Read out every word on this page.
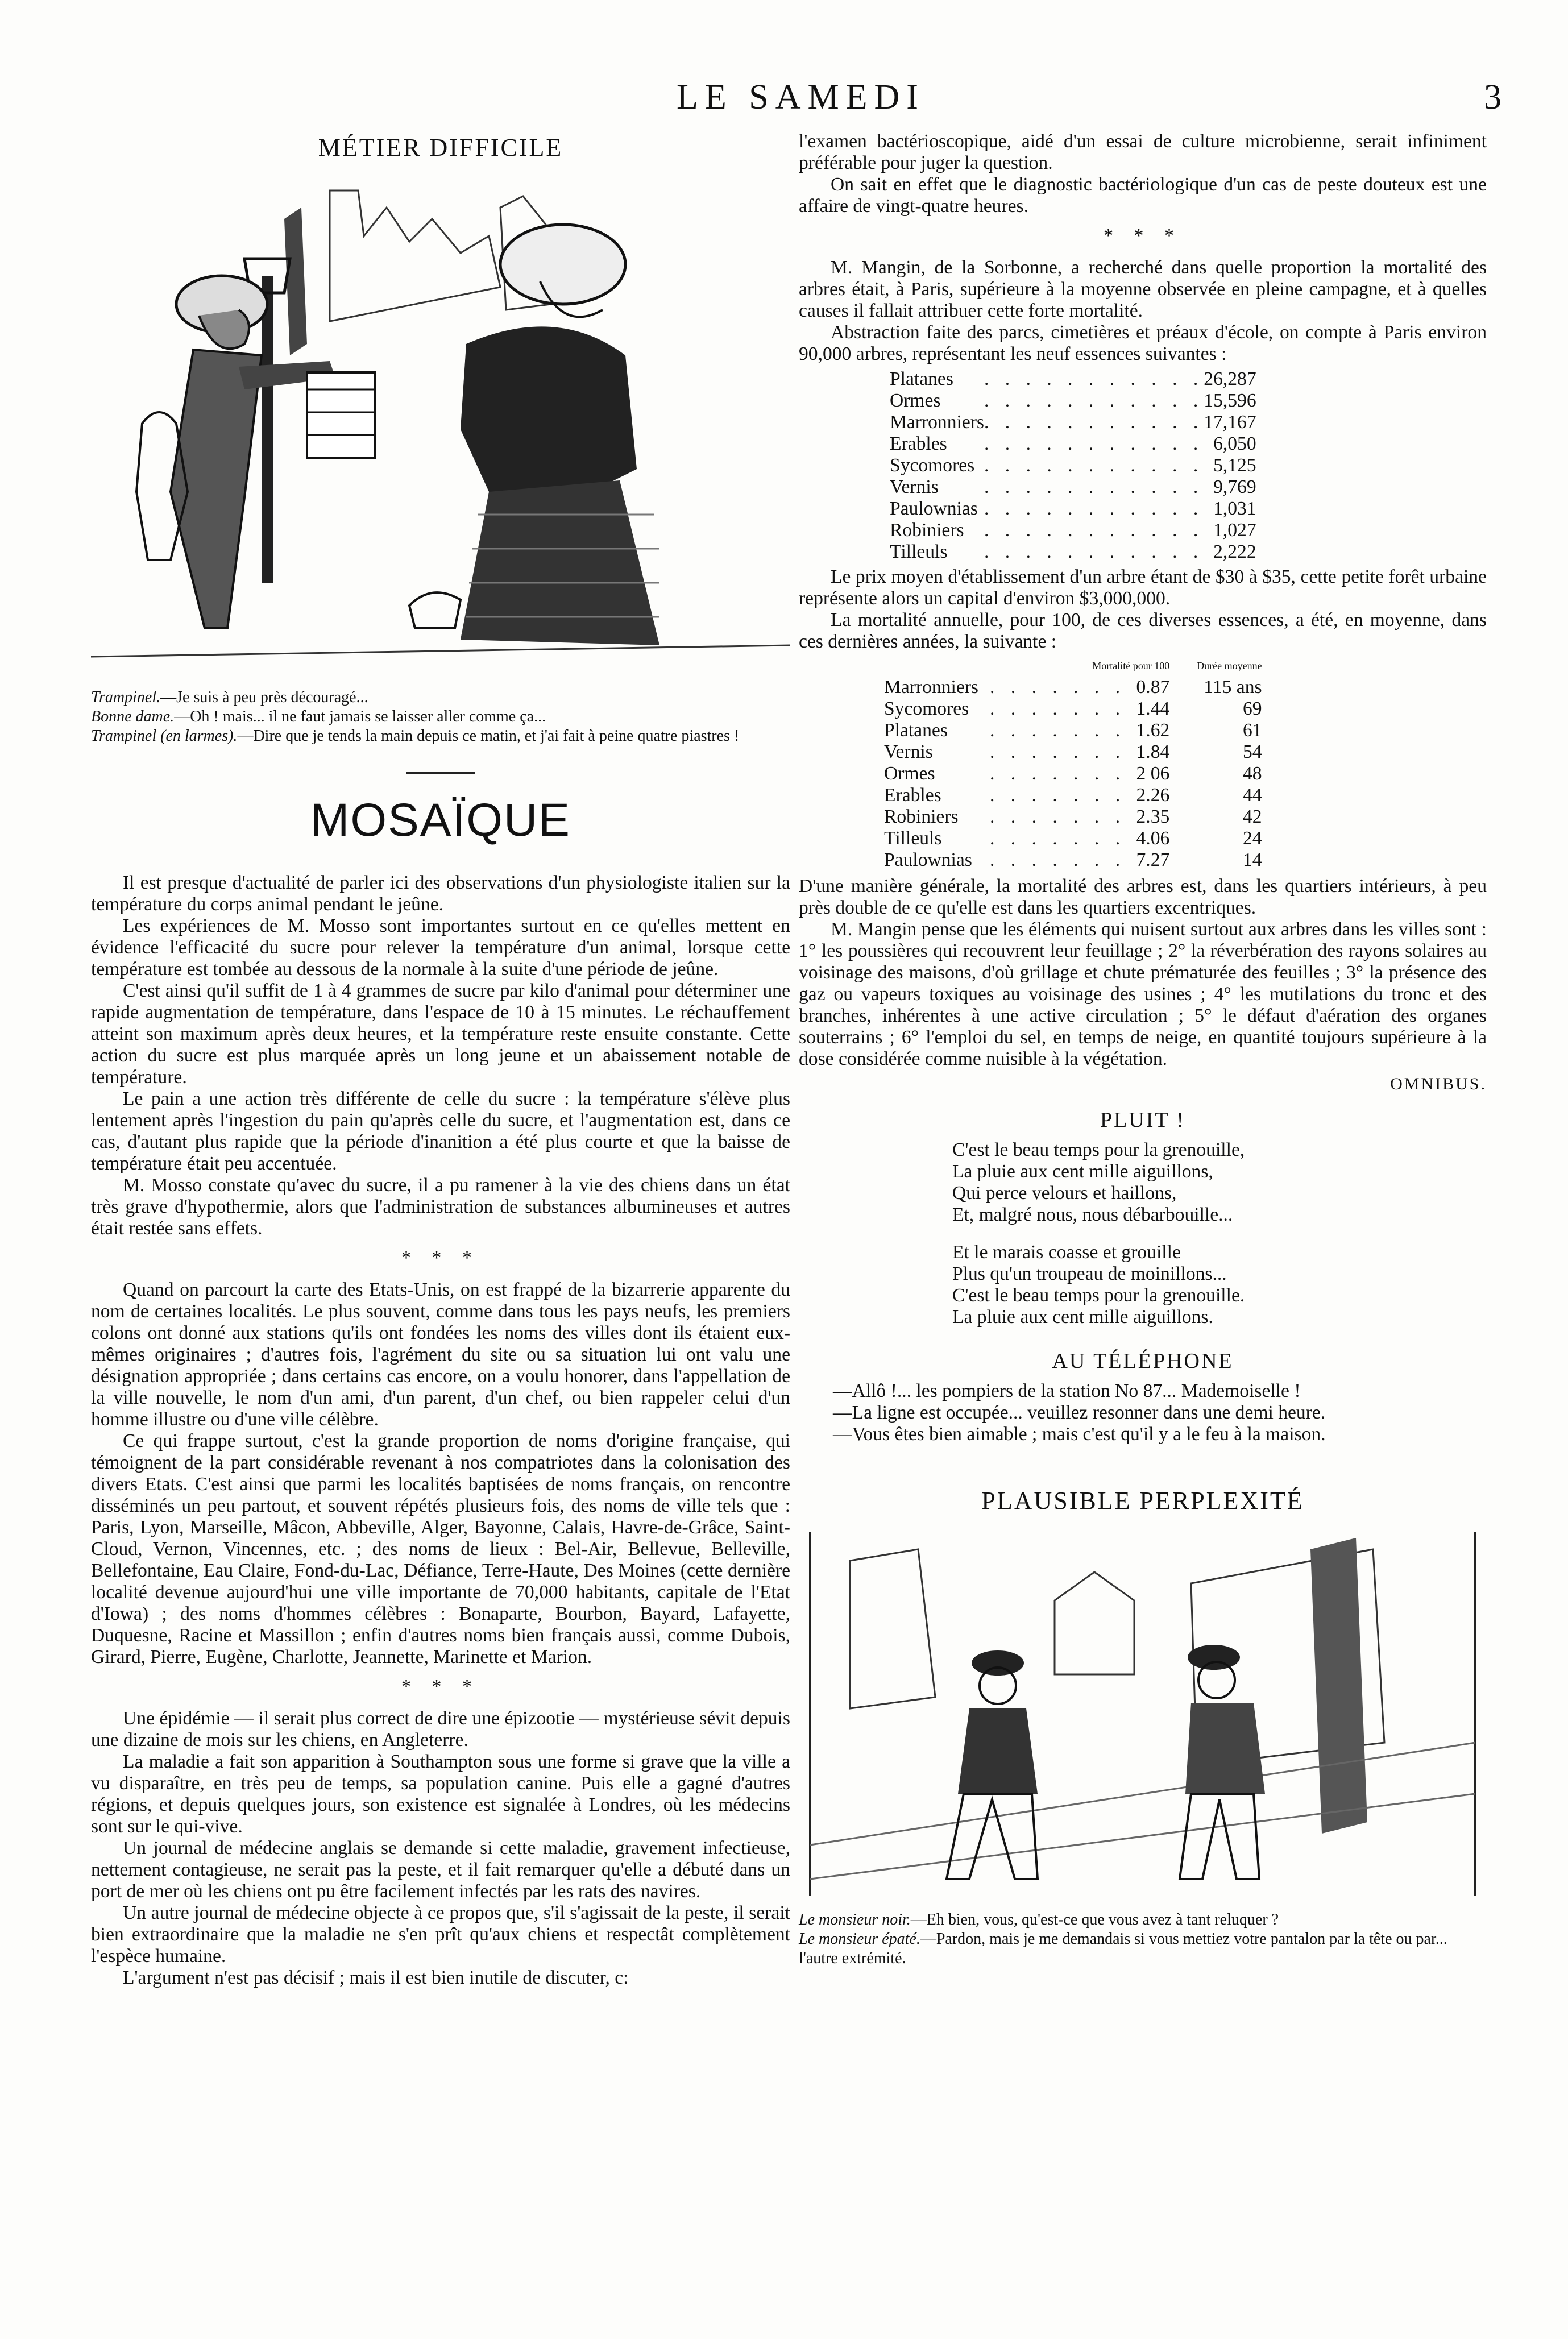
LE SAMEDI	3
MÉTIER DIFFICILE

Trampinel.—Je suis à peu près découragé...

Bonne dame.—Oh ! mais... il ne faut jamais se laisser aller comme ça...

Trampinel (en larmes).—Dire que je tends la main depuis ce matin, et j'ai fait à peine quatre piastres !

MOSAÏQUE

Il est presque d'actualité de parler ici des observations d'un physiologiste italien sur la température du corps animal pendant le jeûne.

Les expériences de M. Mosso sont importantes surtout en ce qu'elles mettent en évidence l'efficacité du sucre pour relever la température d'un animal, lorsque cette température est tombée au dessous de la normale à la suite d'une période de jeûne.

C'est ainsi qu'il suffit de 1 à 4 grammes de sucre par kilo d'animal pour déterminer une rapide augmentation de température, dans l'espace de 10 à 15 minutes. Le réchauffement atteint son maximum après deux heures, et la température reste ensuite constante. Cette action du sucre est plus marquée après un long jeune et un abaissement notable de température.

Le pain a une action très différente de celle du sucre : la température s'élève plus lentement après l'ingestion du pain qu'après celle du sucre, et l'augmentation est, dans ce cas, d'autant plus rapide que la période d'inanition a été plus courte et que la baisse de température était peu accentuée.

M. Mosso constate qu'avec du sucre, il a pu ramener à la vie des chiens dans un état très grave d'hypothermie, alors que l'administration de substances albumineuses et autres était restée sans effets.

* * *

Quand on parcourt la carte des Etats-Unis, on est frappé de la bizarrerie apparente du nom de certaines localités. Le plus souvent, comme dans tous les pays neufs, les premiers colons ont donné aux stations qu'ils ont fondées les noms des villes dont ils étaient eux-mêmes originaires ; d'autres fois, l'agrément du site ou sa situation lui ont valu une désignation appropriée ; dans certains cas encore, on a voulu honorer, dans l'appellation de la ville nouvelle, le nom d'un ami, d'un parent, d'un chef, ou bien rappeler celui d'un homme illustre ou d'une ville célèbre.

Ce qui frappe surtout, c'est la grande proportion de noms d'origine française, qui témoignent de la part considérable revenant à nos compatriotes dans la colonisation des divers Etats. C'est ainsi que parmi les localités baptisées de noms français, on rencontre disséminés un peu partout, et souvent répétés plusieurs fois, des noms de ville tels que : Paris, Lyon, Marseille, Mâcon, Abbeville, Alger, Bayonne, Calais, Havre-de-Grâce, Saint-Cloud, Vernon, Vincennes, etc. ; des noms de lieux : Bel-Air, Bellevue, Belleville, Bellefontaine, Eau Claire, Fond-du-Lac, Défiance, Terre-Haute, Des Moines (cette dernière localité devenue aujourd'hui une ville importante de 70,000 habitants, capitale de l'Etat d'Iowa) ; des noms d'hommes célèbres : Bonaparte, Bourbon, Bayard, Lafayette, Duquesne, Racine et Massillon ; enfin d'autres noms bien français aussi, comme Dubois, Girard, Pierre, Eugène, Charlotte, Jeannette, Marinette et Marion.

* * *

Une épidémie — il serait plus correct de dire une épizootie — mystérieuse sévit depuis une dizaine de mois sur les chiens, en Angleterre.

La maladie a fait son apparition à Southampton sous une forme si grave que la ville a vu disparaître, en très peu de temps, sa population canine. Puis elle a gagné d'autres régions, et depuis quelques jours, son existence est signalée à Londres, où les médecins sont sur le qui-vive.

Un journal de médecine anglais se demande si cette maladie, gravement infectieuse, nettement contagieuse, ne serait pas la peste, et il fait remarquer qu'elle a débuté dans un port de mer où les chiens ont pu être facilement infectés par les rats des navires.

Un autre journal de médecine objecte à ce propos que, s'il s'agissait de la peste, il serait bien extraordinaire que la maladie ne s'en prît qu'aux chiens et respectât complètement l'espèce humaine.

L'argument n'est pas décisif ; mais il est bien inutile de discuter, c:

l'examen bactérioscopique, aidé d'un essai de culture microbienne, serait infiniment préférable pour juger la question.

On sait en effet que le diagnostic bactériologique d'un cas de peste douteux est une affaire de vingt-quatre heures.

* * *

M. Mangin, de la Sorbonne, a recherché dans quelle proportion la mortalité des arbres était, à Paris, supérieure à la moyenne observée en pleine campagne, et à quelles causes il fallait attribuer cette forte mortalité.

Abstraction faite des parcs, cimetières et préaux d'école, on compte à Paris environ 90,000 arbres, représentant les neuf essences suivantes :

Platanes	. . . . . . . . . . .	26,287
Ormes	. . . . . . . . . . .	15,596
Marronniers	. . . . . . . . . . .	17,167
Erables	. . . . . . . . . . .	6,050
Sycomores	. . . . . . . . . . .	5,125
Vernis	. . . . . . . . . . .	9,769
Paulownias	. . . . . . . . . . .	1,031
Robiniers	. . . . . . . . . . .	1,027
Tilleuls	. . . . . . . . . . .	2,222

Le prix moyen d'établissement d'un arbre étant de $30 à $35, cette petite forêt urbaine représente alors un capital d'environ $3,000,000.

La mortalité annuelle, pour 100, de ces diverses essences, a été, en moyenne, dans ces dernières années, la suivante :

	Mortalité pour 100	Durée moyenne
Marronniers	. . . . . . . 0.87	115 ans
Sycomores	. . . . . . . 1.44	69
Platanes	. . . . . . . 1.62	61
Vernis	. . . . . . . 1.84	54
Ormes	. . . . . . . 2 06	48
Erables	. . . . . . . 2.26	44
Robiniers	. . . . . . . 2.35	42
Tilleuls	. . . . . . . 4.06	24
Paulownias	. . . . . . . 7.27	14

D'une manière générale, la mortalité des arbres est, dans les quartiers intérieurs, à peu près double de ce qu'elle est dans les quartiers excentriques.

M. Mangin pense que les éléments qui nuisent surtout aux arbres dans les villes sont : 1° les poussières qui recouvrent leur feuillage ; 2° la réverbération des rayons solaires au voisinage des maisons, d'où grillage et chute prématurée des feuilles ; 3° la présence des gaz ou vapeurs toxiques au voisinage des usines ; 4° les mutilations du tronc et des branches, inhérentes à une active circulation ; 5° le défaut d'aération des organes souterrains ; 6° l'emploi du sel, en temps de neige, en quantité toujours supérieure à la dose considérée comme nuisible à la végétation.

OMNIBUS.
PLUIT !

C'est le beau temps pour la grenouille,

La pluie aux cent mille aiguillons,

Qui perce velours et haillons,

Et, malgré nous, nous débarbouille...

Et le marais coasse et grouille

Plus qu'un troupeau de moinillons...

C'est le beau temps pour la grenouille.

La pluie aux cent mille aiguillons.

AU TÉLÉPHONE

—Allô !... les pompiers de la station No 87... Mademoiselle !

—La ligne est occupée... veuillez resonner dans une demi heure.

—Vous êtes bien aimable ; mais c'est qu'il y a le feu à la maison.

PLAUSIBLE PERPLEXITÉ

Le monsieur noir.—Eh bien, vous, qu'est-ce que vous avez à tant reluquer ?

Le monsieur épaté.—Pardon, mais je me demandais si vous mettiez votre pantalon par la tête ou par... l'autre extrémité.
